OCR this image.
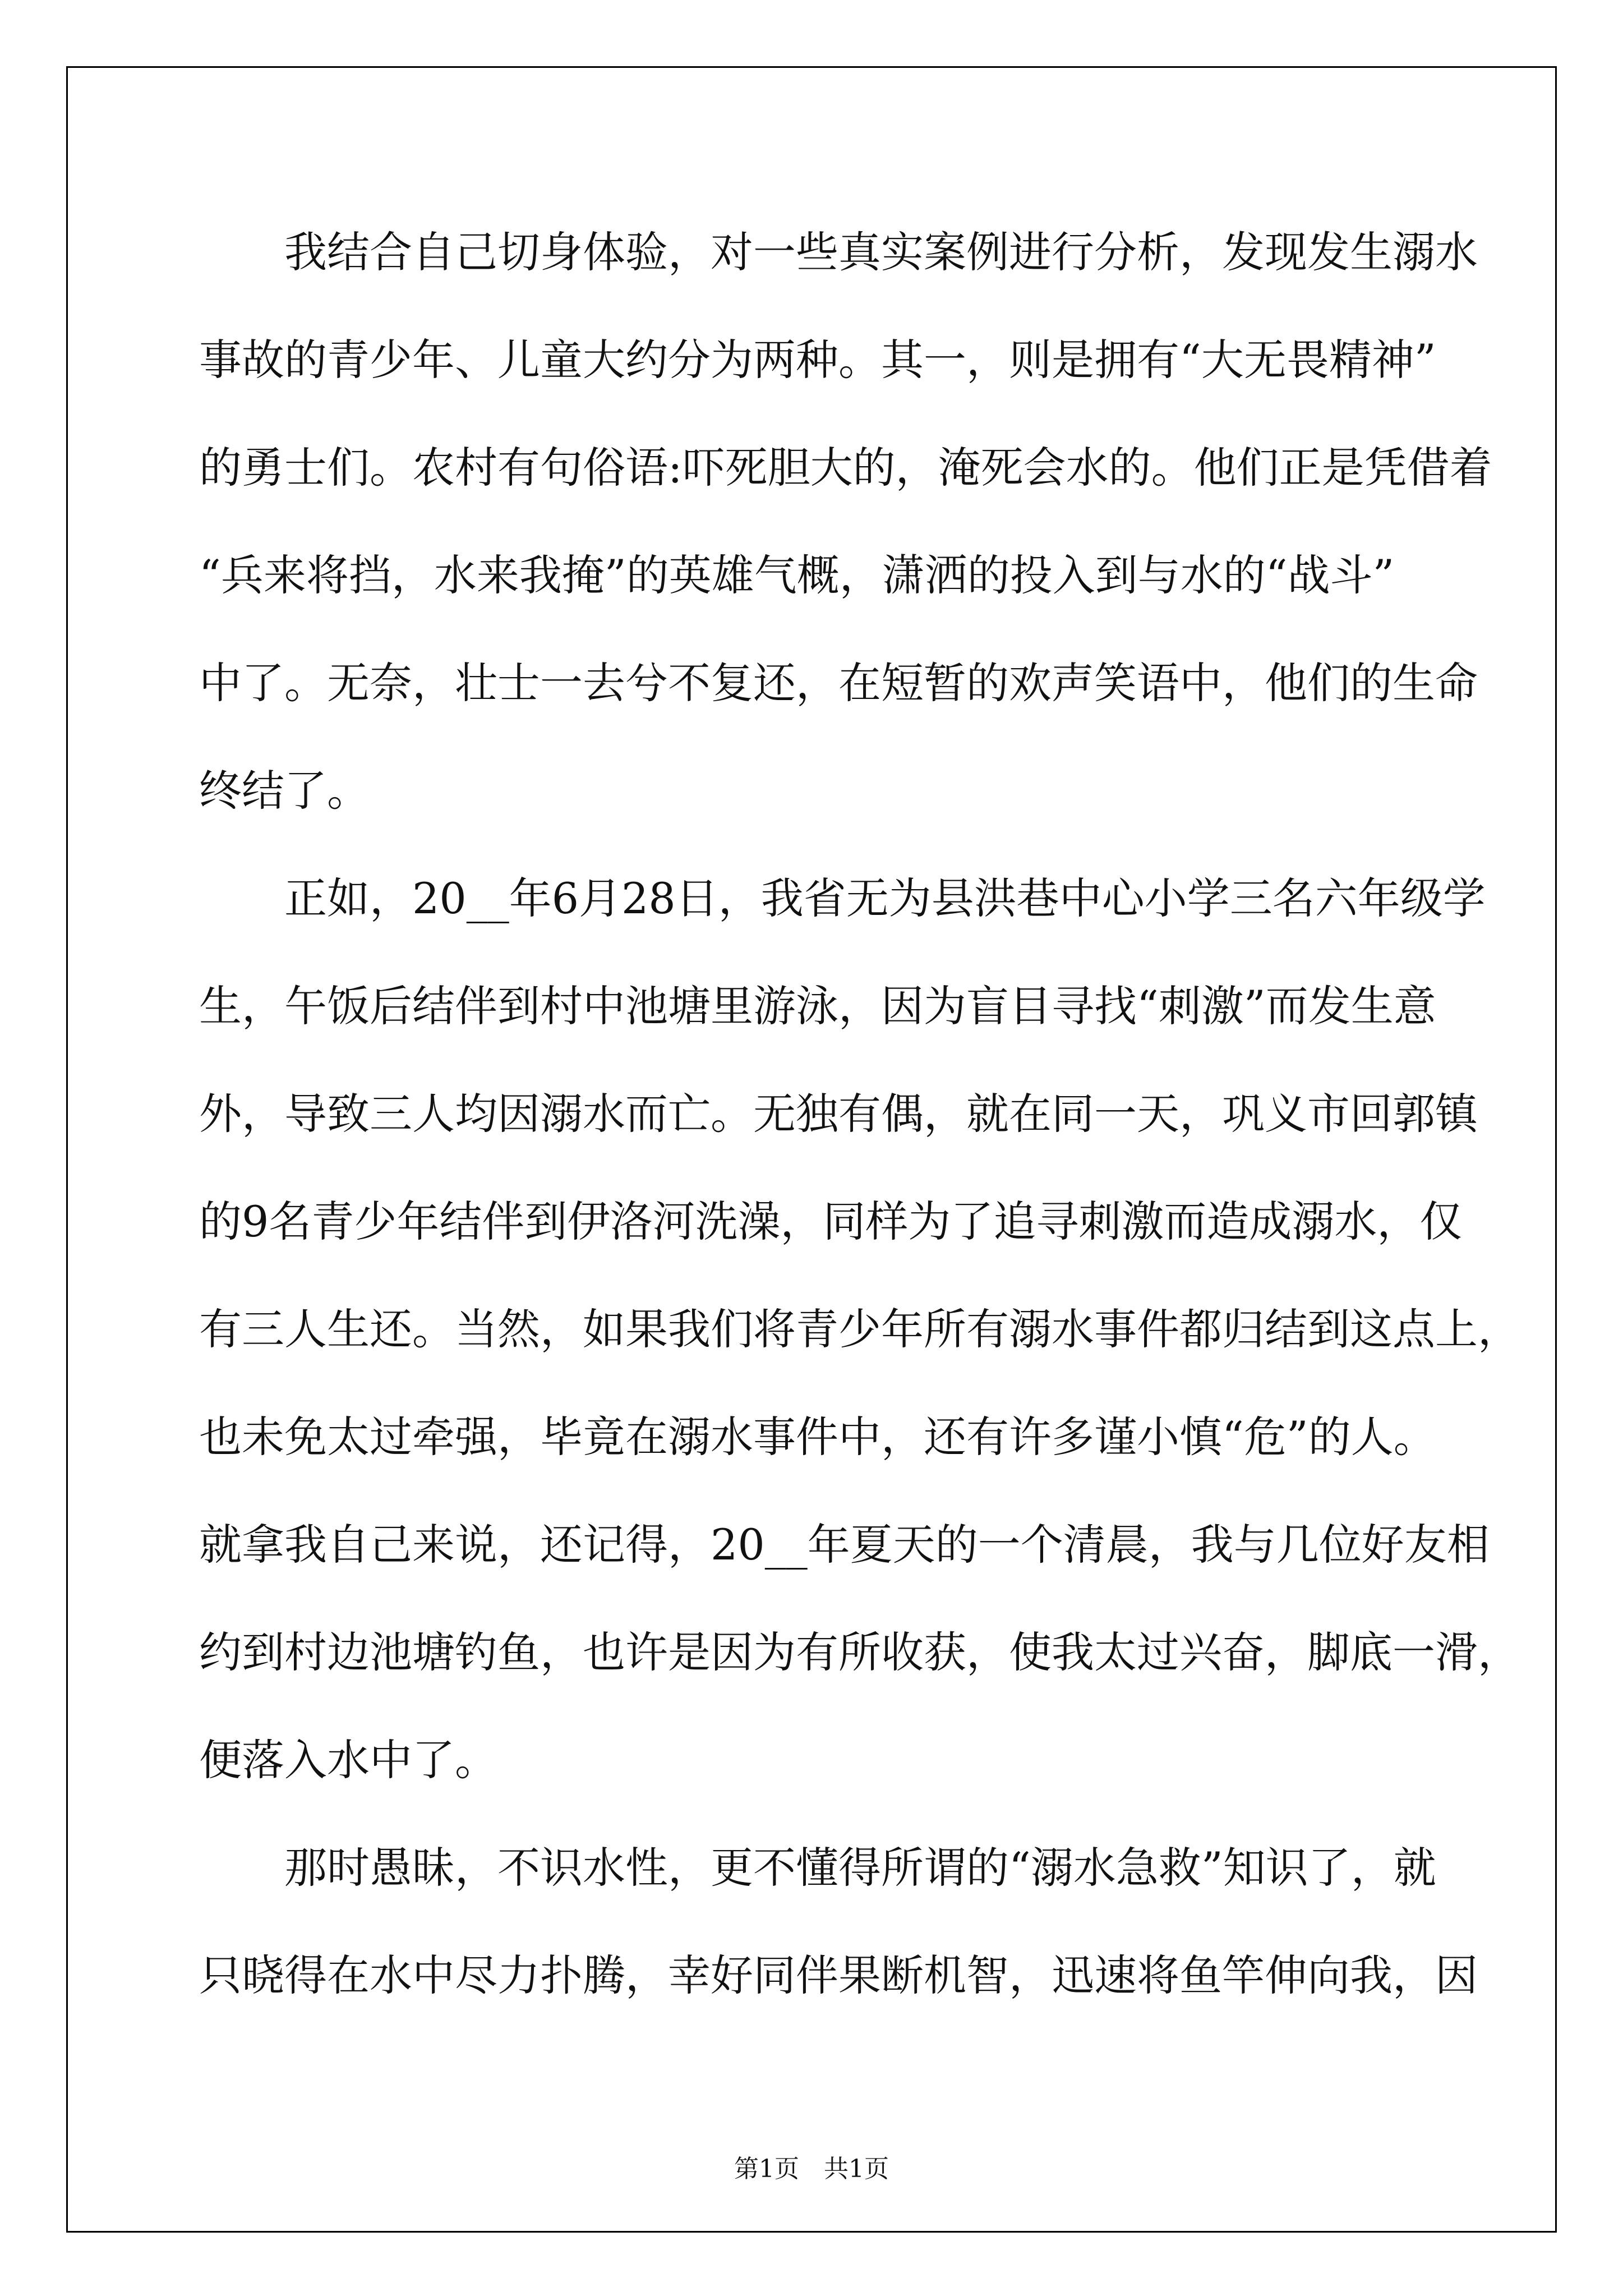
我结合自己切身体验，对一些真实案例进行分析，发现发生溺水
事故的青少年、儿童大约分为两种。其一，则是拥有“大无畏精神”
的勇士们。农村有句俗语:吓死胆大的，淹死会水的。他们正是凭借着
“兵来将挡，水来我掩”的英雄气概，潇洒的投入到与水的“战斗”
中了。无奈，壮士一去兮不复还，在短暂的欢声笑语中，他们的生命
终结了。
正如，20__年6月28日，我省无为县洪巷中心小学三名六年级学
生，午饭后结伴到村中池塘里游泳，因为盲目寻找“刺激”而发生意
外，导致三人均因溺水而亡。无独有偶，就在同一天，巩义市回郭镇
的9名青少年结伴到伊洛河洗澡，同样为了追寻刺激而造成溺水，仅
有三人生还。当然，如果我们将青少年所有溺水事件都归结到这点上，
也未免太过牵强，毕竟在溺水事件中，还有许多谨小慎“危”的人。
就拿我自己来说，还记得，20__年夏天的一个清晨，我与几位好友相
约到村边池塘钓鱼，也许是因为有所收获，使我太过兴奋，脚底一滑，
便落入水中了。
那时愚昧，不识水性，更不懂得所谓的“溺水急救”知识了，就
只晓得在水中尽力扑腾，幸好同伴果断机智，迅速将鱼竿伸向我，因
第1页　共1页
